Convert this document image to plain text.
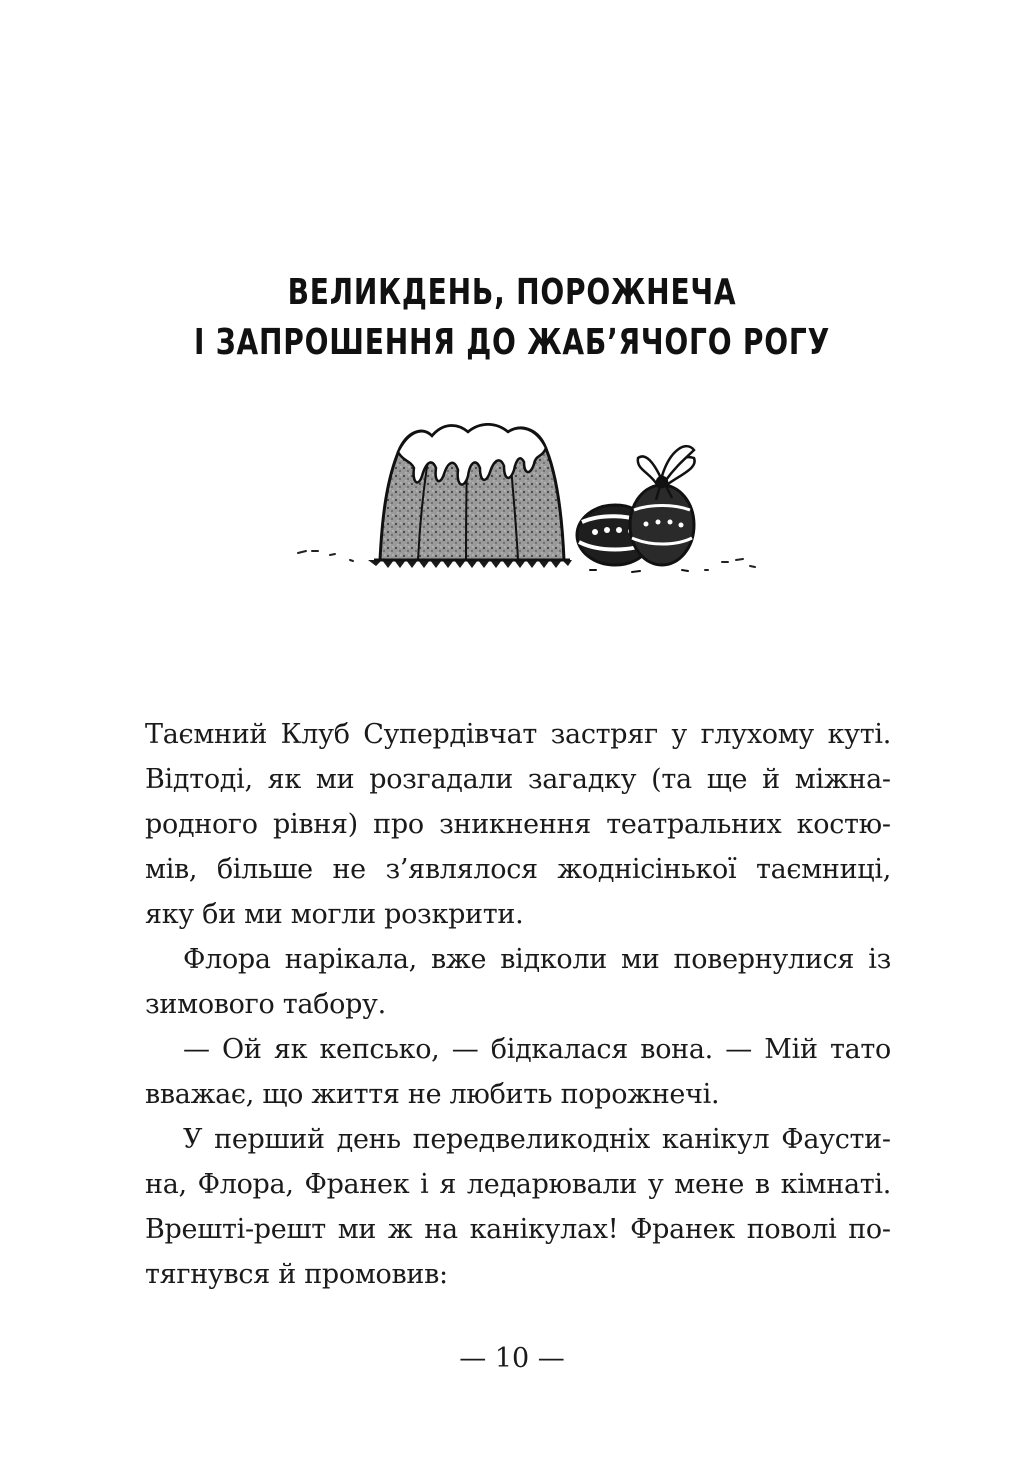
ВЕЛИКДЕНЬ, ПОРОЖНЕЧА
І ЗАПРОШЕННЯ ДО ЖАБ’ЯЧОГО РОГУ

Таємний Клуб Супердівчат застряг у глухому куті. Відтоді, як ми розгадали загадку (та ще й міжнародного рівня) про зникнення театральних костюмів, більше не з’являлося жоднісінької таємниці, яку би ми могли розкрити.

Флора нарікала, вже відколи ми повернулися із зимового табору.

— Ой як кепсько, — бідкалася вона. — Мій тато вважає, що життя не любить порожнечі.

У перший день передвеликодніх канікул Фаустина, Флора, Франек і я ледарювали у мене в кімнаті. Врешті-решт ми ж на канікулах! Франек поволі потягнувся й промовив:

— 10 —
